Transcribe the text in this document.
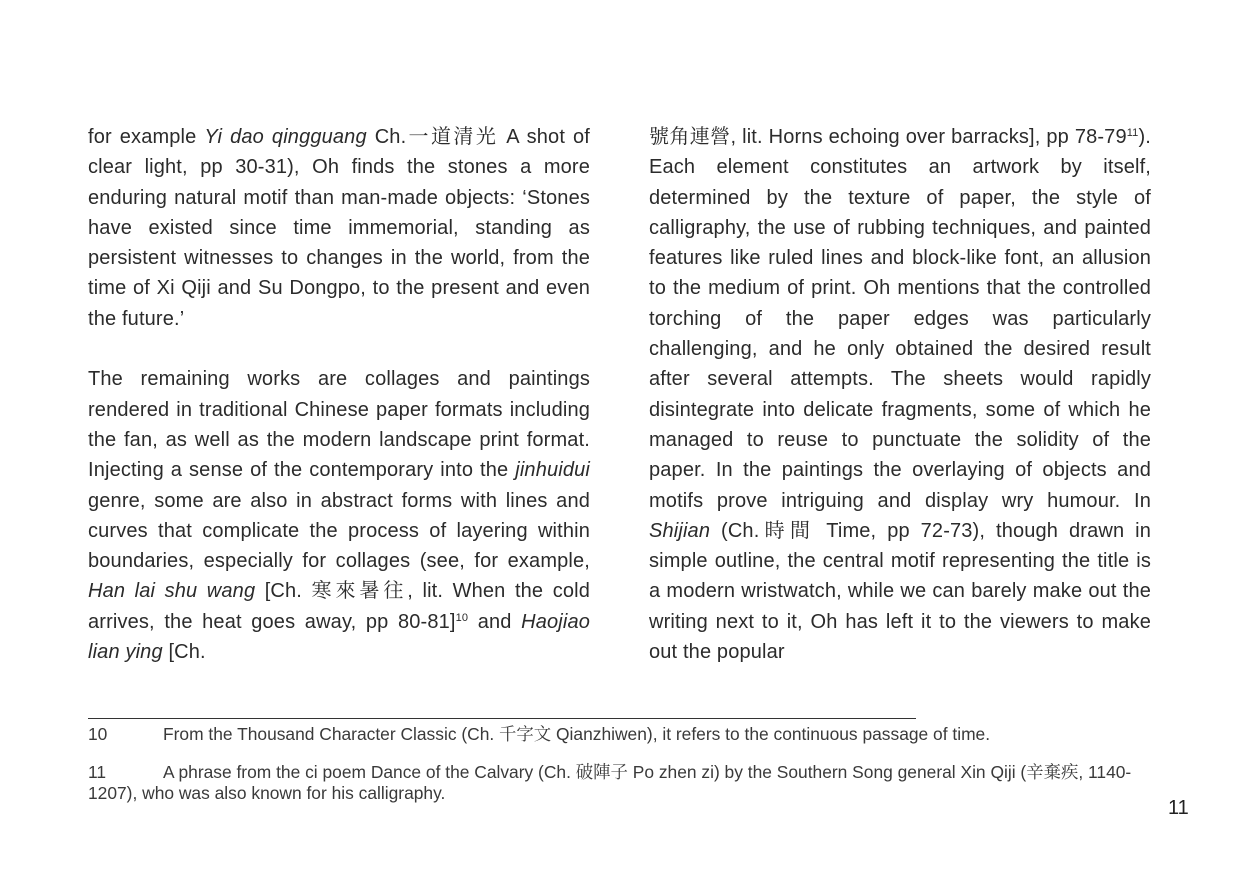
for example Yi dao qingguang Ch.一道清光 A shot of clear light, pp 30-31), Oh finds the stones a more enduring natural motif than man-made objects: ‘Stones have existed since time immemorial, standing as persistent witnesses to changes in the world, from the time of Xi Qiji and Su Dongpo, to the present and even the future.’

The remaining works are collages and paintings rendered in traditional Chinese paper formats including the fan, as well as the modern landscape print format. Injecting a sense of the contemporary into the jinhuidui genre, some are also in abstract forms with lines and curves that complicate the process of layering within boundaries, especially for collages (see, for example, Han lai shu wang [Ch. 寒來暑往, lit. When the cold arrives, the heat goes away, pp 80-81]$^{10}$ and Haojiao lian ying [Ch.

號角連營, lit. Horns echoing over barracks], pp $78-79^{11}$). Each element constitutes an artwork by itself, determined by the texture of paper, the style of calligraphy, the use of rubbing techniques, and painted features like ruled lines and block-like font, an allusion to the medium of print. Oh mentions that the controlled torching of the paper edges was particularly challenging, and he only obtained the desired result after several attempts. The sheets would rapidly disintegrate into delicate fragments, some of which he managed to reuse to punctuate the solidity of the paper. In the paintings the overlaying of objects and motifs prove intriguing and display wry humour. In Shijian (Ch.時間 Time, pp 72-73), though drawn in simple outline, the central motif representing the title is a modern wristwatch, while we can barely make out the writing next to it, Oh has left it to the viewers to make out the popular

10	From the Thousand Character Classic (Ch. 千字文 Qianzhiwen), it refers to the continuous passage of time.
11	A phrase from the ci poem Dance of the Calvary (Ch. 破陣子 Po zhen zi) by the Southern Song general Xin Qiji (辛棄疾, 1140-1207), who was also known for his calligraphy.
11
